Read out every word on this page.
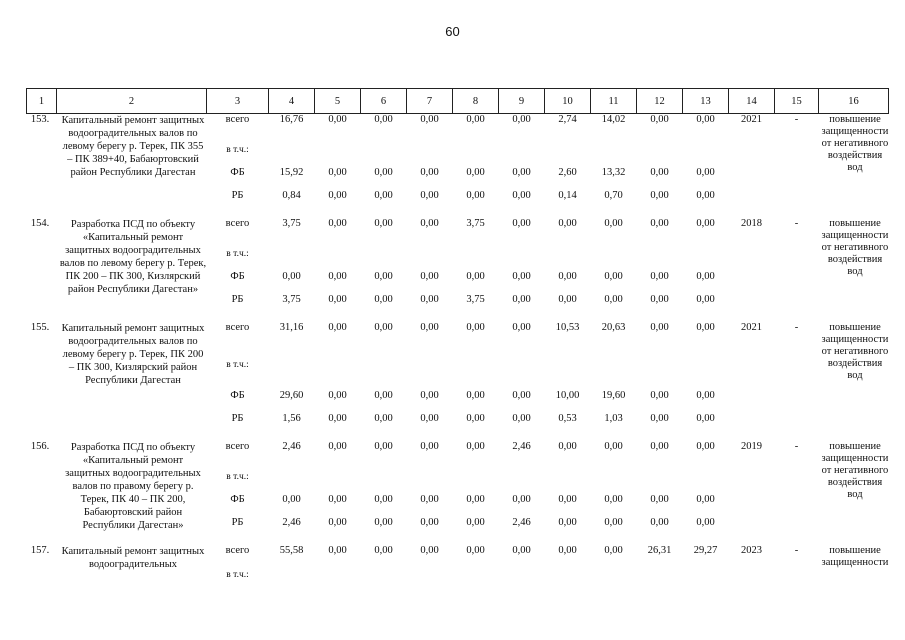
60
1	2	3	4	5	6	7	8	9	10	11	12	13	14	15	16
153.	Капитальный ремонт защитных водооградительных валов по левому берегу р. Терек, ПК 355 – ПК 389+40, Бабаюртовский район Республики Дагестан	всего	16,76	0,00	0,00	0,00	0,00	0,00	2,74	14,02	0,00	0,00	2021	-	повышение защищенности от негативного воздействия вод
		в т.ч.:													
		ФБ	15,92	0,00	0,00	0,00	0,00	0,00	2,60	13,32	0,00	0,00			
		РБ	0,84	0,00	0,00	0,00	0,00	0,00	0,14	0,70	0,00	0,00			

154.	Разработка ПСД по объекту «Капитальный ремонт защитных водооградительных валов по левому берегу р. Терек, ПК 200 – ПК 300, Кизлярский район Республики Дагестан»	всего	3,75	0,00	0,00	0,00	3,75	0,00	0,00	0,00	0,00	0,00	2018	-	повышение защищенности от негативного воздействия вод
		в т.ч.:													
		ФБ	0,00	0,00	0,00	0,00	0,00	0,00	0,00	0,00	0,00	0,00			
		РБ	3,75	0,00	0,00	0,00	3,75	0,00	0,00	0,00	0,00	0,00			

155.	Капитальный ремонт защитных водооградительных валов по левому берегу р. Терек, ПК 200 – ПК 300, Кизлярский район Республики Дагестан	всего	31,16	0,00	0,00	0,00	0,00	0,00	10,53	20,63	0,00	0,00	2021	-	повышение защищенности от негативного воздействия вод
		в т.ч.:													
		ФБ	29,60	0,00	0,00	0,00	0,00	0,00	10,00	19,60	0,00	0,00			
		РБ	1,56	0,00	0,00	0,00	0,00	0,00	0,53	1,03	0,00	0,00			

156.	Разработка ПСД по объекту «Капитальный ремонт защитных водооградительных валов по правому берегу р. Терек, ПК 40 – ПК 200, Бабаюртовский район Республики Дагестан»	всего	2,46	0,00	0,00	0,00	0,00	2,46	0,00	0,00	0,00	0,00	2019	-	повышение защищенности от негативного воздействия вод
		в т.ч.:													
		ФБ	0,00	0,00	0,00	0,00	0,00	0,00	0,00	0,00	0,00	0,00			
		РБ	2,46	0,00	0,00	0,00	0,00	2,46	0,00	0,00	0,00	0,00			

157.	Капитальный ремонт защитных водооградительных	всего	55,58	0,00	0,00	0,00	0,00	0,00	0,00	0,00	26,31	29,27	2023	-	повышение защищенности
		в т.ч.:													
